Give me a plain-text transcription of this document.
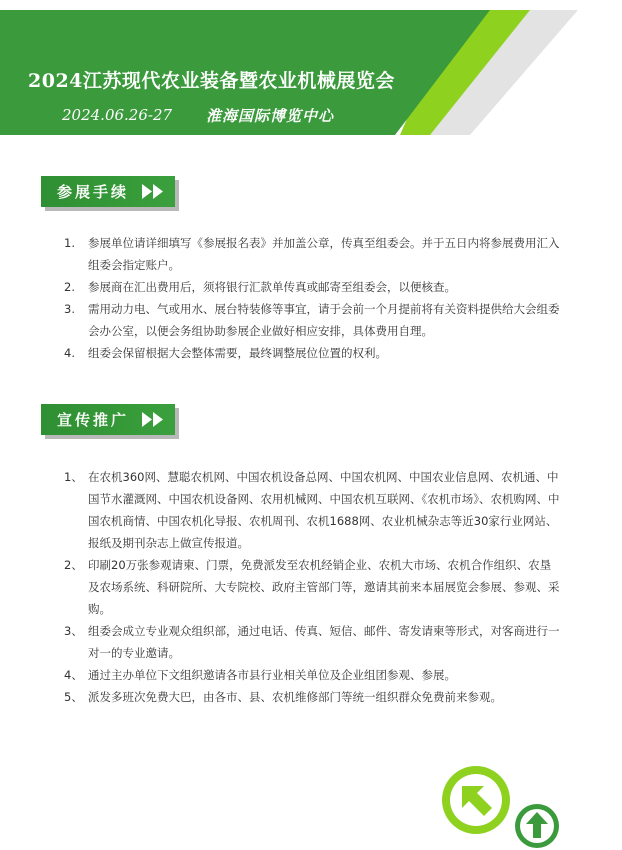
2024江苏现代农业装备暨农业机械展览会
2024.06.26-27 淮海国际博览中心
参展手续
1.	参展单位请详细填写《参展报名表》并加盖公章，传真至组委会。并于五日内将参展费用汇入组委会指定账户。
2.	参展商在汇出费用后，须将银行汇款单传真或邮寄至组委会，以便核查。
3.	需用动力电、气或用水、展台特装修等事宜，请于会前一个月提前将有关资料提供给大会组委会办公室，以便会务组协助参展企业做好相应安排，具体费用自理。
4.	组委会保留根据大会整体需要，最终调整展位位置的权利。
宣传推广
1、 在农机360网、慧聪农机网、中国农机设备总网、中国农机网、中国农业信息网、农机通、中国节水灌溉网、中国农机设备网、农用机械网、中国农机互联网、《农机市场》、农机购网、中国农机商情、中国农机化导报、农机周刊、农机1688网、农业机械杂志等近30家行业网站、报纸及期刊杂志上做宣传报道。
2、 印刷20万张参观请柬、门票，免费派发至农机经销企业、农机大市场、农机合作组织、农垦及农场系统、科研院所、大专院校、政府主管部门等，邀请其前来本届展览会参展、参观、采购。
3、 组委会成立专业观众组织部，通过电话、传真、短信、邮件、寄发请柬等形式，对客商进行一对一的专业邀请。
4、 通过主办单位下文组织邀请各市县行业相关单位及企业组团参观、参展。
5、 派发多班次免费大巴，由各市、县、农机维修部门等统一组织群众免费前来参观。
